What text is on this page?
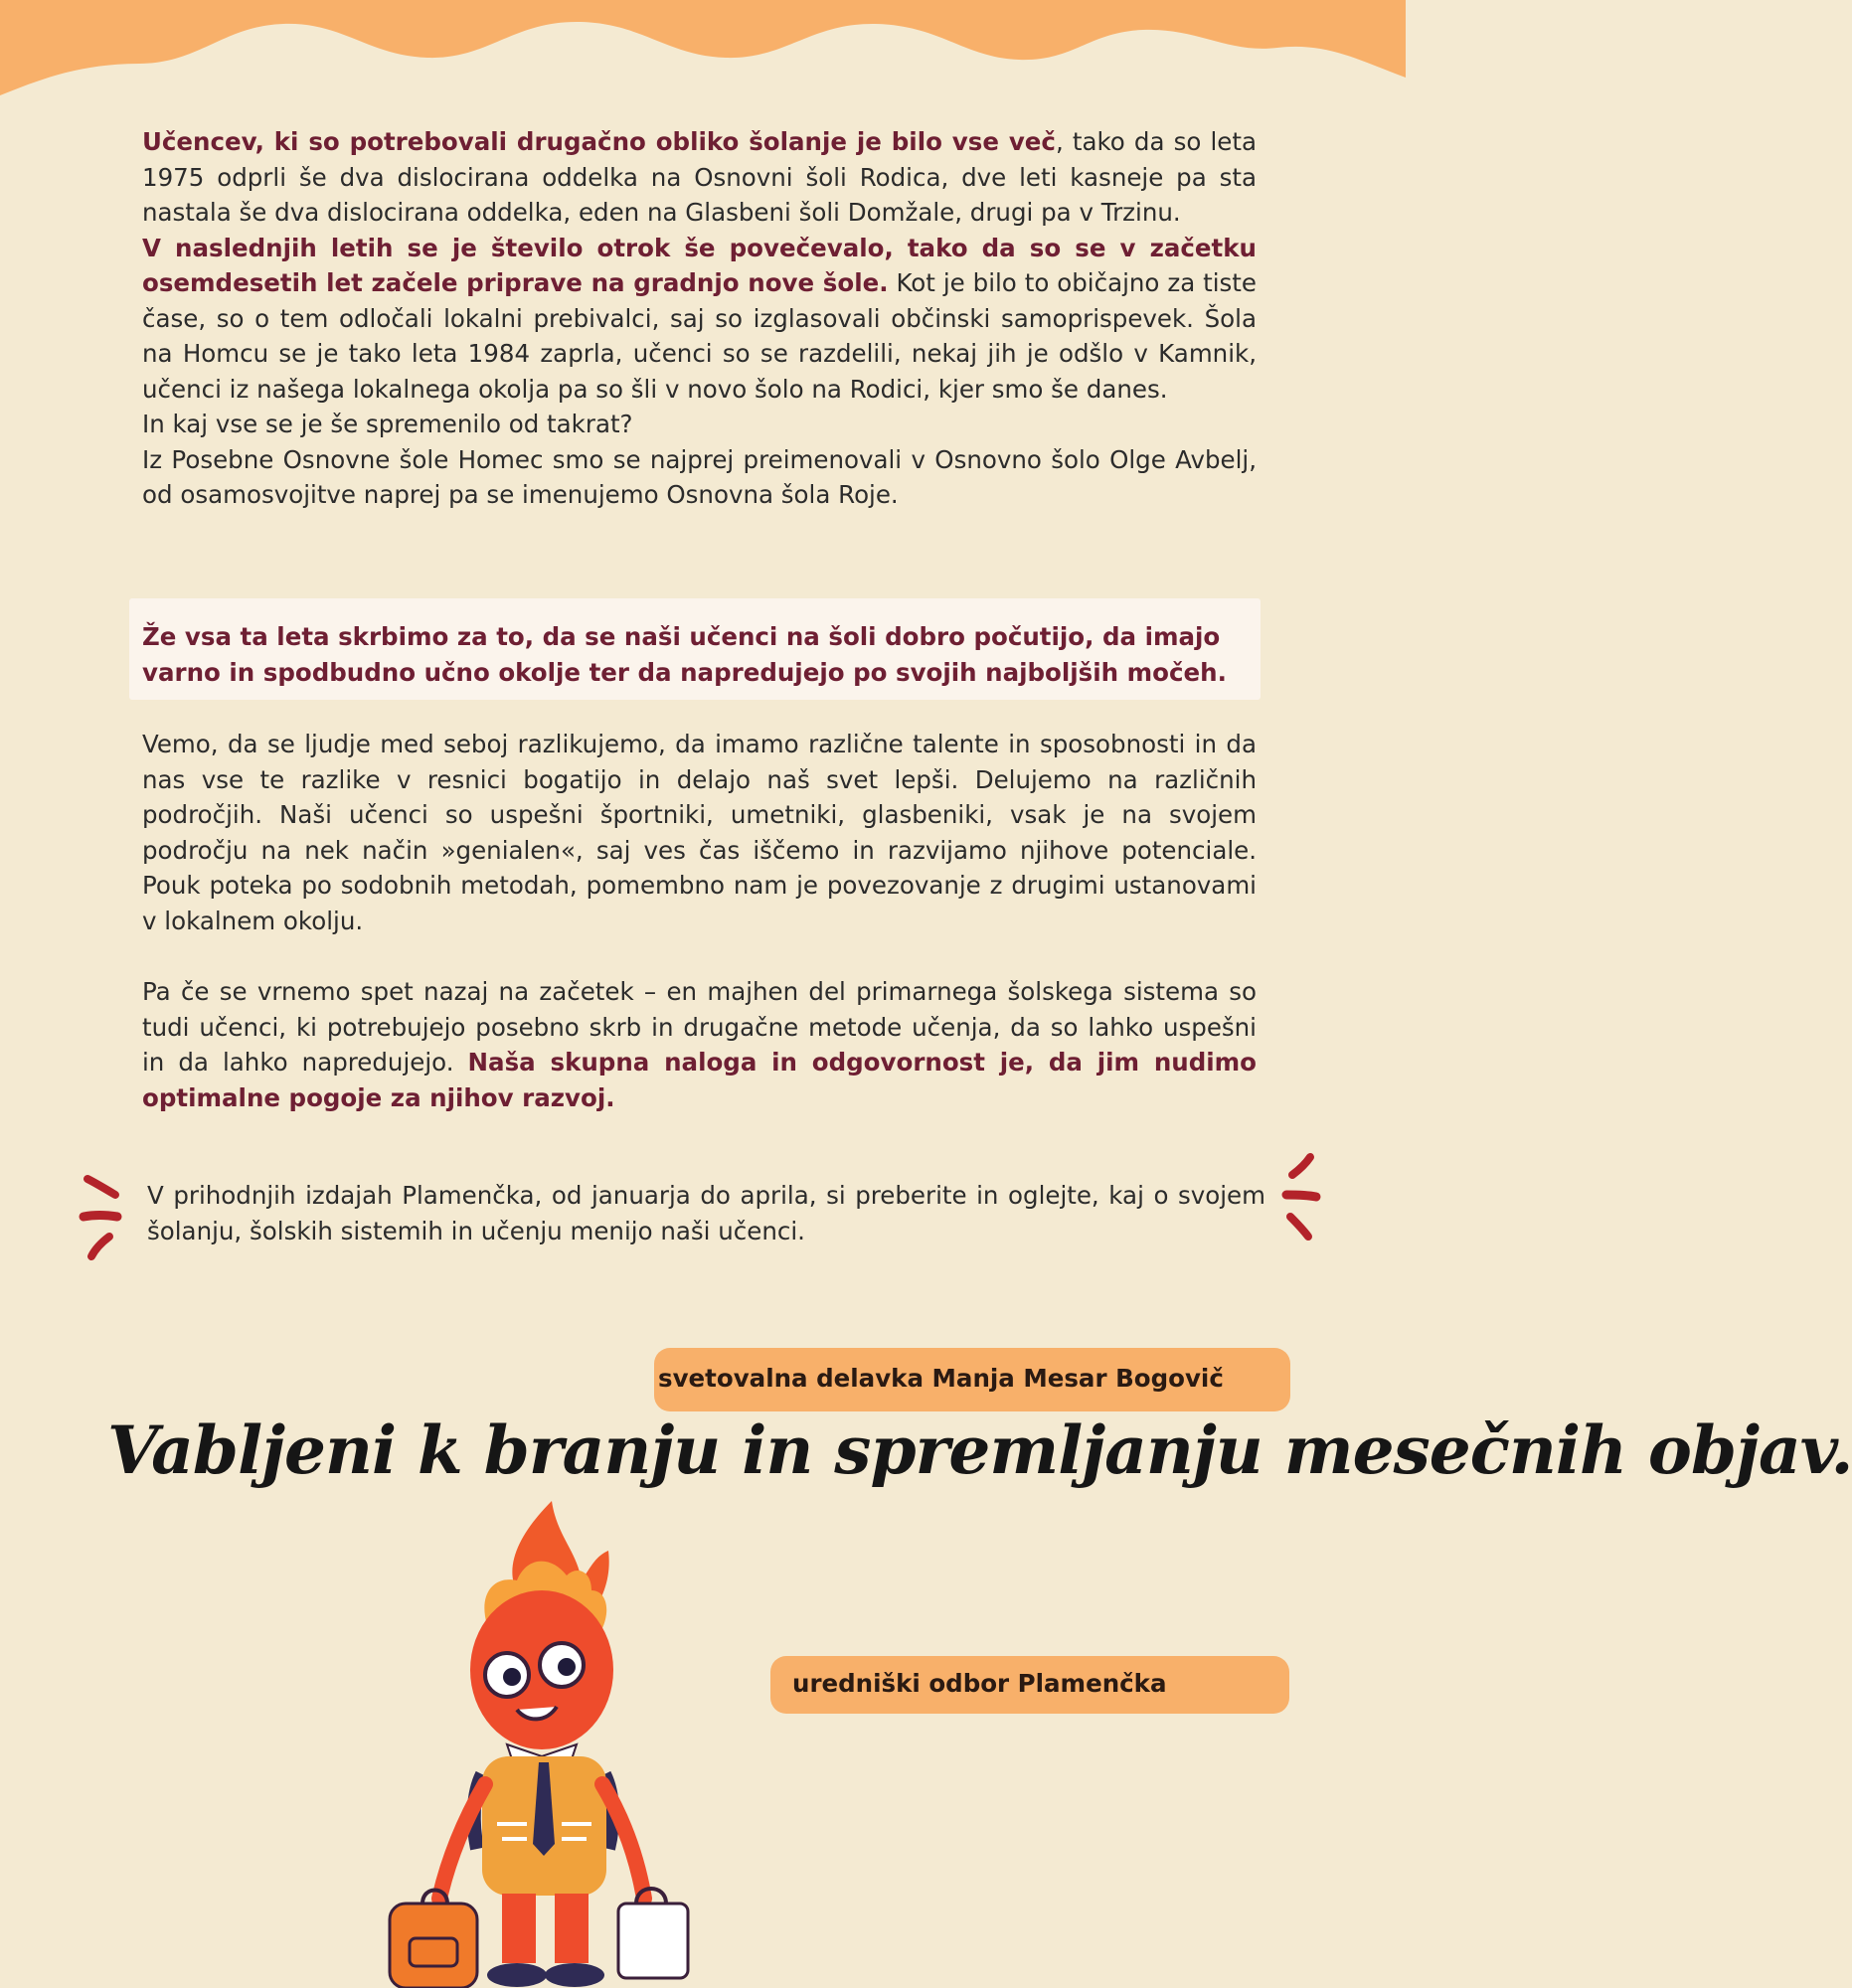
Učencev, ki so potrebovali drugačno obliko šolanje je bilo vse več, tako da so leta 1975 odprli še dva dislocirana oddelka na Osnovni šoli Rodica, dve leti kasneje pa sta nastala še dva dislocirana oddelka, eden na Glasbeni šoli Domžale, drugi pa v Trzinu.

V naslednjih letih se je število otrok še povečevalo, tako da so se v začetku osemdesetih let začele priprave na gradnjo nove šole. Kot je bilo to običajno za tiste čase, so o tem odločali lokalni prebivalci, saj so izglasovali občinski samoprispevek. Šola na Homcu se je tako leta 1984 zaprla, učenci so se razdelili, nekaj jih je odšlo v Kamnik, učenci iz našega lokalnega okolja pa so šli v novo šolo na Rodici, kjer smo še danes.

In kaj vse se je še spremenilo od takrat?

Iz Posebne Osnovne šole Homec smo se najprej preimenovali v Osnovno šolo Olge Avbelj, od osamosvojitve naprej pa se imenujemo Osnovna šola Roje.

Že vsa ta leta skrbimo za to, da se naši učenci na šoli dobro počutijo, da imajo varno in spodbudno učno okolje ter da napredujejo po svojih najboljših močeh.

Vemo, da se ljudje med seboj razlikujemo, da imamo različne talente in sposobnosti in da nas vse te razlike v resnici bogatijo in delajo naš svet lepši. Delujemo na različnih področjih. Naši učenci so uspešni športniki, umetniki, glasbeniki, vsak je na svojem področju na nek način »genialen«, saj ves čas iščemo in razvijamo njihove potenciale. Pouk poteka po sodobnih metodah, pomembno nam je povezovanje z drugimi ustanovami v lokalnem okolju.

Pa če se vrnemo spet nazaj na začetek – en majhen del primarnega šolskega sistema so tudi učenci, ki potrebujejo posebno skrb in drugačne metode učenja, da so lahko uspešni in da lahko napredujejo. Naša skupna naloga in odgovornost je, da jim nudimo optimalne pogoje za njihov razvoj.

V prihodnjih izdajah Plamenčka, od januarja do aprila, si preberite in oglejte, kaj o svojem šolanju, šolskih sistemih in učenju menijo naši učenci.
svetovalna delavka Manja Mesar Bogovič
Vabljeni k branju in spremljanju mesečnih objav.
uredniški odbor Plamenčka
